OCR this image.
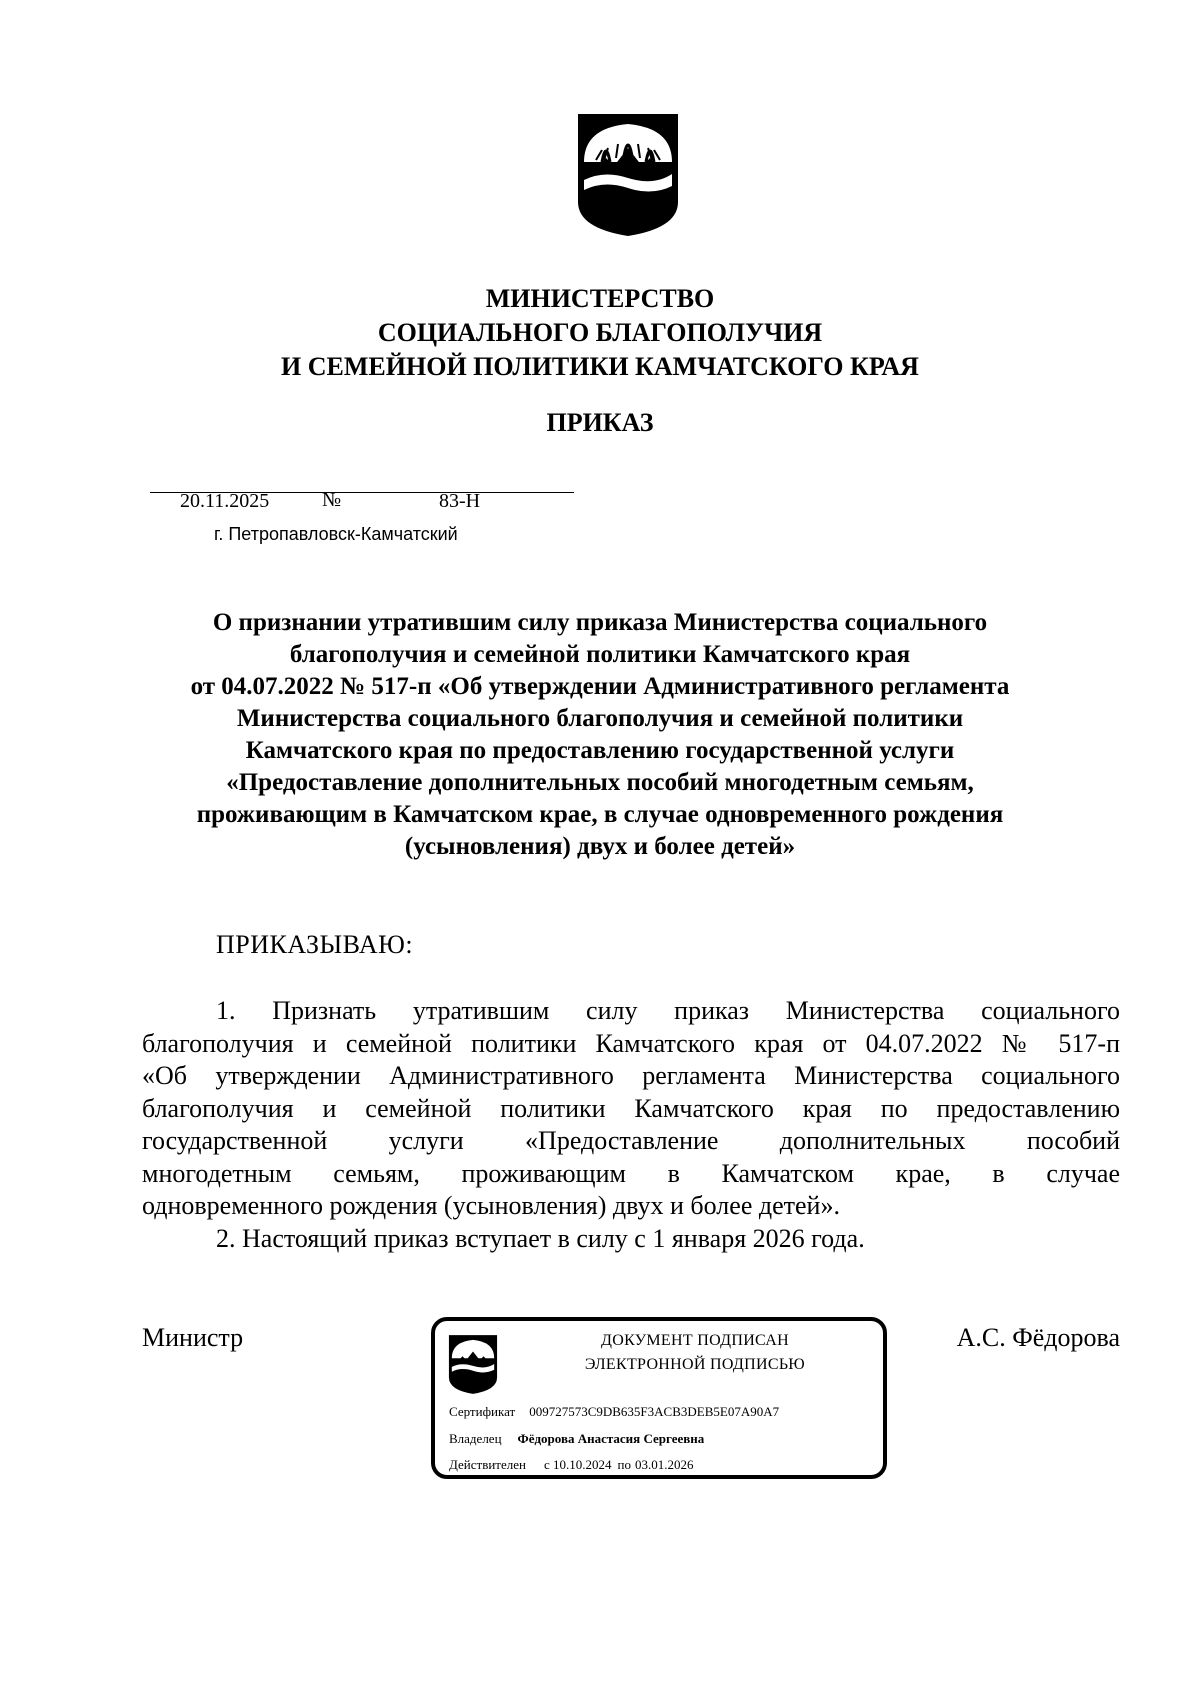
МИНИСТЕРСТВО
СОЦИАЛЬНОГО БЛАГОПОЛУЧИЯ
И СЕМЕЙНОЙ ПОЛИТИКИ КАМЧАТСКОГО КРАЯ
ПРИКАЗ
20.11.2025	№	83-Н
г. Петропавловск-Камчатский
О признании утратившим силу приказа Министерства социального
благополучия и семейной политики Камчатского края
от 04.07.2022 № 517-п «Об утверждении Административного регламента
Министерства социального благополучия и семейной политики
Камчатского края по предоставлению государственной услуги
«Предоставление дополнительных пособий многодетным семьям,
проживающим в Камчатском крае, в случае одновременного рождения
(усыновления) двух и более детей»
ПРИКАЗЫВАЮ:
1. Признать утратившим силу приказ Министерства социального
благополучия и семейной политики Камчатского края от 04.07.2022 № 517-п
«Об утверждении Административного регламента Министерства социального
благополучия и семейной политики Камчатского края по предоставлению
государственной услуги «Предоставление дополнительных пособий
многодетным семьям, проживающим в Камчатском крае, в случае
одновременного рождения (усыновления) двух и более детей».
2. Настоящий приказ вступает в силу с 1 января 2026 года.
Министр	А.С. Фёдорова
ДОКУМЕНТ ПОДПИСАН
ЭЛЕКТРОННОЙ ПОДПИСЬЮ
Сертификат 009727573C9DB635F3ACB3DEB5E07A90A7
Владелец Фёдорова Анастасия Сергеевна
Действителен с 10.10.2024 по 03.01.2026
